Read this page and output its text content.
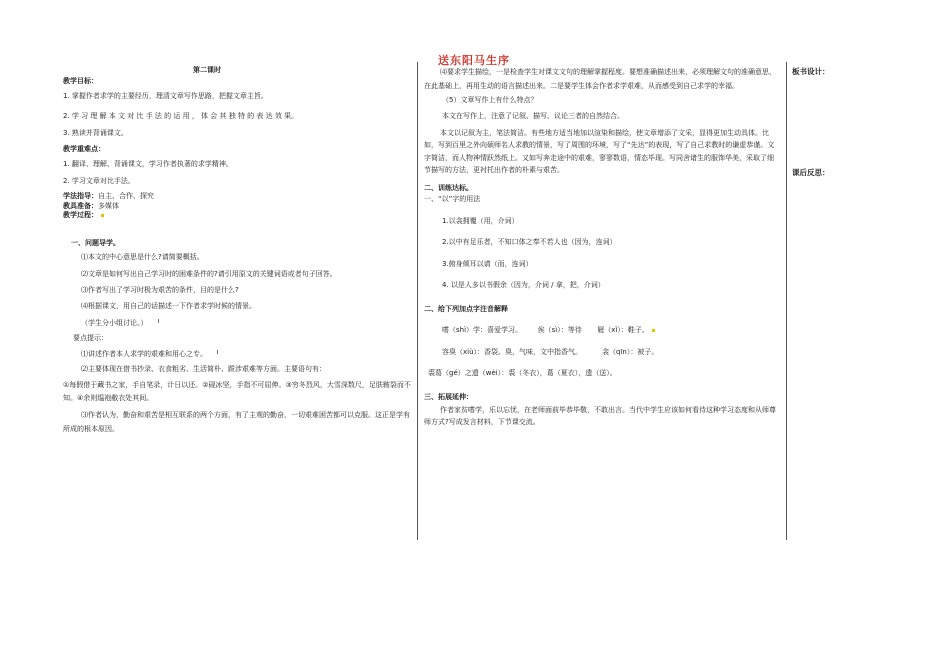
送东阳马生序

第二课时

教学目标：

1. 掌握作者求学的主要经历，理清文章写作思路，把握文章主旨。

2. 学 习 理 解 本 文 对 比 手 法 的 运 用 ， 体 会 其 独 特 的 表 达 效 果。

3. 熟读并背诵课文。

教学重难点：

1. 翻译、理解、背诵课文，学习作者执著的求学精神。

2. 学习文章对比手法。

学法指导：自主、合作、探究

教具准备：多媒体

教学过程：

一、问题导学。

⑴本文的中心意思是什么?请简要概括。

⑵文章是如何写出自己学习时的困难条件的?请引用原文的关键词语或者句子回答。

⑶作者写出了学习时极为艰苦的条件，目的是什么?

⑷根据课文，用自己的话描述一下作者求学时候的情景。

（学生分小组讨论。）

要点提示：

⑴讲述作者本人求学的艰难和用心之专。

⑵主要体现在借书抄录、衣食粗劣、生活简朴、跋涉艰难等方面。主要语句有：

①每假借于藏书之家，手自笔录，计日以还。②砚冰坚，手指不可屈伸。③穷冬烈风，大雪深数尺，足肤皲裂而不知。④余则缊袍敝衣处其间。

⑶作者认为，勤奋和艰苦是相互联系的两个方面，有了主观的勤奋，一切艰难困苦都可以克服。这正是学有所成的根本原因。

⑷要求学生描绘，一是检查学生对课文文句的理解掌握程度。要想准确描述出来，必须理解文句的准确意思，在此基础上，再用生动的语言描述出来。二是要学生体会作者求学艰难，从而感受到自己求学的幸福。

（5）文章写作上有什么特点？

本文在写作上，注意了记叙、描写、议论三者的自然结合。

本文以记叙为主，笔法简洁。有些地方适当地加以渲染和描绘，使文章增添了文采，显得更加生动具体。比如，写到百里之外向硕师名人求教的情景，写了周围的环境，写了“先达”的表现，写了自己求教时的谦虚恭谨。文字简洁，而人物神情跃然纸上。又如写奔走途中的艰难，寥寥数语，情态毕现。写同舍诸生的服饰华美，采取了细节描写的方法，更衬托出作者的朴素与艰苦。

二、训练达标。

一、“以”字的用法

1.以衾拥覆（用，介词）

2.以中有足乐者，不知口体之奉不若人也（因为，连词）

3.俯身倾耳以请（而，连词）

4. 以是人多以书假余（因为，介词 / 拿，把，介词）

二、给下列加点字注音解释

嗜（shì）学：喜爱学习。       俟（sì）：等待       屣（xǐ）：鞋子。

容臭（xiù）：香袋。臭，气味，文中指香气。         衾（qīn）：被子。

裘葛（gé）之遗（wèi）：裘（冬衣），葛（夏衣），遗（送）。

三、拓展延伸：

作者家贫嗜学，乐以忘忧，在老师面前毕恭毕敬，不敢出言。当代中学生应该如何看待这种学习态度和从师尊师方式?写成发言材料，下节课交流。

板书设计：
课后反思：
